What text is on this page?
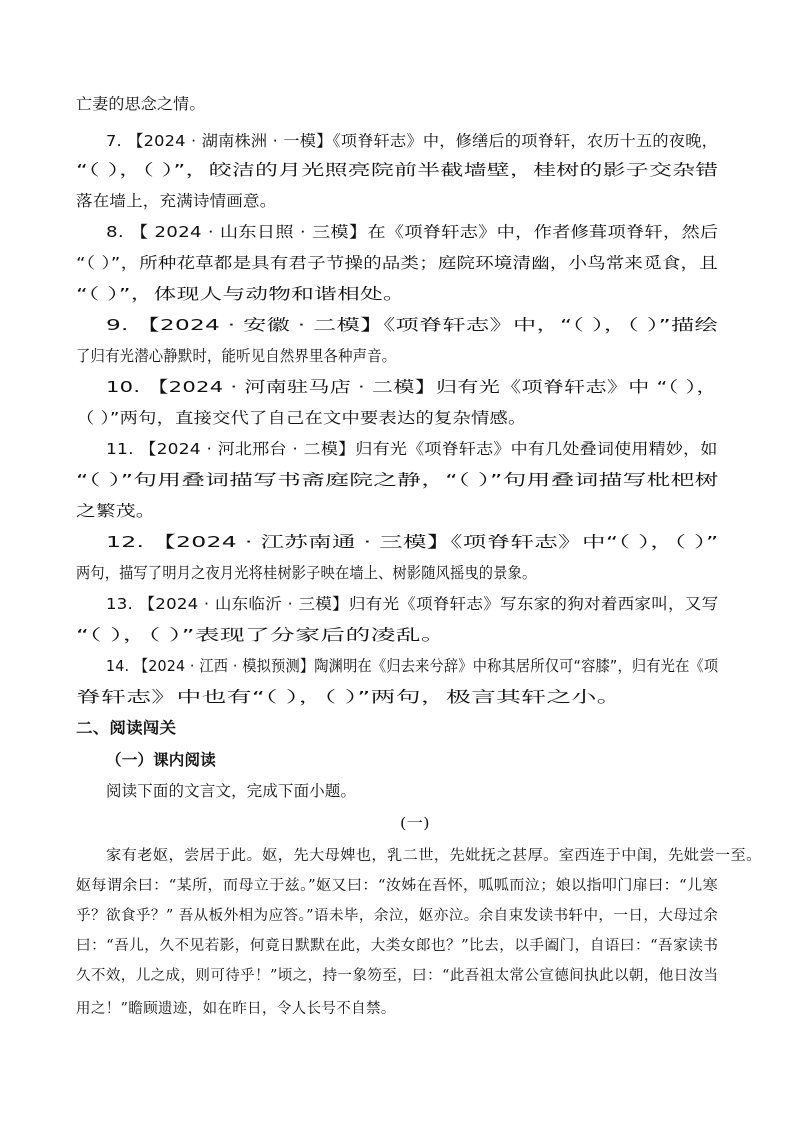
亡妻的思念之情。
7. 【2024 · 湖南株洲 · 一模】《项脊轩志》中，修缮后的项脊轩，农历十五的夜晚，
“（ ），（ ）”，皎洁的月光照亮院前半截墙壁，桂树的影子交杂错
落在墙上，充满诗情画意。
8. 【 2024 · 山东日照 · 三模】在《项脊轩志》中，作者修葺项脊轩，然后
“（ ）”，所种花草都是具有君子节操的品类；庭院环境清幽，小鸟常来觅食，且
“（ ）”，体现人与动物和谐相处。
9. 【2024 · 安徽 · 二模】《项脊轩志》中，“（ ），（ ）”描绘
了归有光潜心静默时，能听见自然界里各种声音。
10. 【2024 · 河南驻马店 · 二模】归有光《项脊轩志》中 “（ ），
（ ）”两句，直接交代了自己在文中要表达的复杂情感。
11. 【2024 · 河北邢台 · 二模】归有光《项脊轩志》中有几处叠词使用精妙，如
“（ ）”句用叠词描写书斋庭院之静，“（ ）”句用叠词描写枇杷树
之繁茂。
12. 【2024 · 江苏南通 · 三模】《项脊轩志》中“（ ），（ ）”
两句，描写了明月之夜月光将桂树影子映在墙上、树影随风摇曳的景象。
13. 【2024 · 山东临沂 · 三模】归有光《项脊轩志》写东家的狗对着西家叫，又写
“（ ），（ ）”表现了分家后的凌乱。
14. 【2024 · 江西 · 模拟预测】陶渊明在《归去来兮辞》中称其居所仅可“容膝”，归有光在《项
脊轩志》中也有“（ ），（ ）”两句，极言其轩之小。
二、阅读闯关
（一）课内阅读
阅读下面的文言文，完成下面小题。
(一)
家有老妪，尝居于此。妪，先大母婢也，乳二世，先妣抚之甚厚。室西连于中闺，先妣尝一至。
妪每谓余曰：“某所，而母立于兹。”妪又曰：“汝姊在吾怀，呱呱而泣；娘以指叩门扉曰：“儿寒
乎？欲食乎？” 吾从板外相为应答。”语未毕，余泣，妪亦泣。余自束发读书轩中，一日，大母过余
曰：“吾儿，久不见若影，何竟日默默在此，大类女郎也？”比去，以手阖门，自语曰：“吾家读书
久不效，儿之成，则可待乎！”顷之，持一象笏至，曰：“此吾祖太常公宣德间执此以朝，他日汝当
用之！”瞻顾遗迹，如在昨日，令人长号不自禁。
